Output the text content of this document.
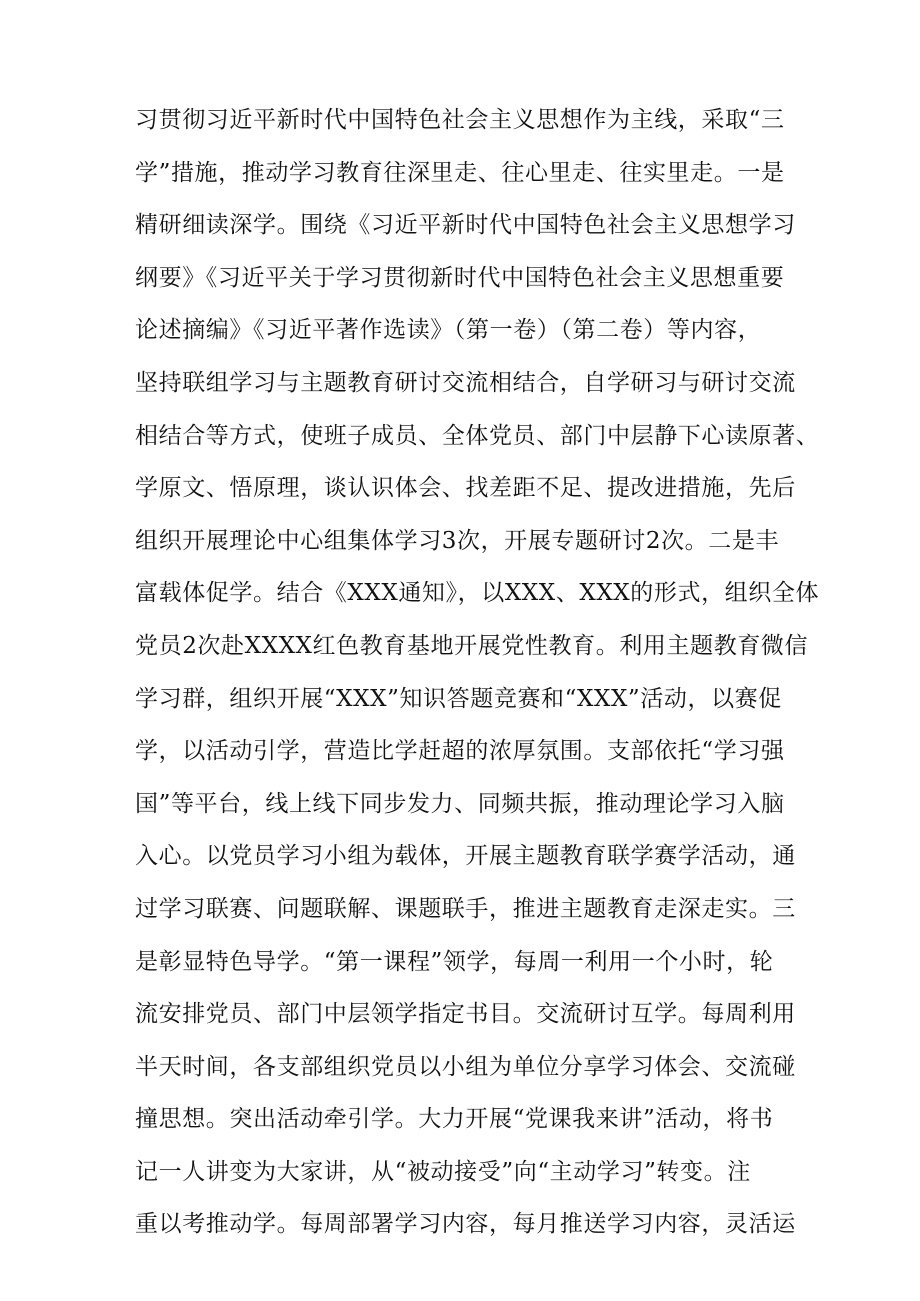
习贯彻习近平新时代中国特色社会主义思想作为主线，采取“三
学”措施，推动学习教育往深里走、往心里走、往实里走。一是
精研细读深学。围绕《习近平新时代中国特色社会主义思想学习
纲要》《习近平关于学习贯彻新时代中国特色社会主义思想重要
论述摘编》《习近平著作选读》（第一卷）（第二卷）等内容，
坚持联组学习与主题教育研讨交流相结合，自学研习与研讨交流
相结合等方式，使班子成员、全体党员、部门中层静下心读原著、
学原文、悟原理，谈认识体会、找差距不足、提改进措施，先后
组织开展理论中心组集体学习3次，开展专题研讨2次。二是丰
富载体促学。结合《XXX通知》，以XXX、XXX的形式，组织全体
党员2次赴XXXX红色教育基地开展党性教育。利用主题教育微信
学习群，组织开展“XXX”知识答题竞赛和“XXX”活动，以赛促
学，以活动引学，营造比学赶超的浓厚氛围。支部依托“学习强
国”等平台，线上线下同步发力、同频共振，推动理论学习入脑
入心。以党员学习小组为载体，开展主题教育联学赛学活动，通
过学习联赛、问题联解、课题联手，推进主题教育走深走实。三
是彰显特色导学。“第一课程”领学，每周一利用一个小时，轮
流安排党员、部门中层领学指定书目。交流研讨互学。每周利用
半天时间，各支部组织党员以小组为单位分享学习体会、交流碰
撞思想。突出活动牵引学。大力开展“党课我来讲”活动，将书
记一人讲变为大家讲，从“被动接受”向“主动学习”转变。注
重以考推动学。每周部署学习内容，每月推送学习内容，灵活运
